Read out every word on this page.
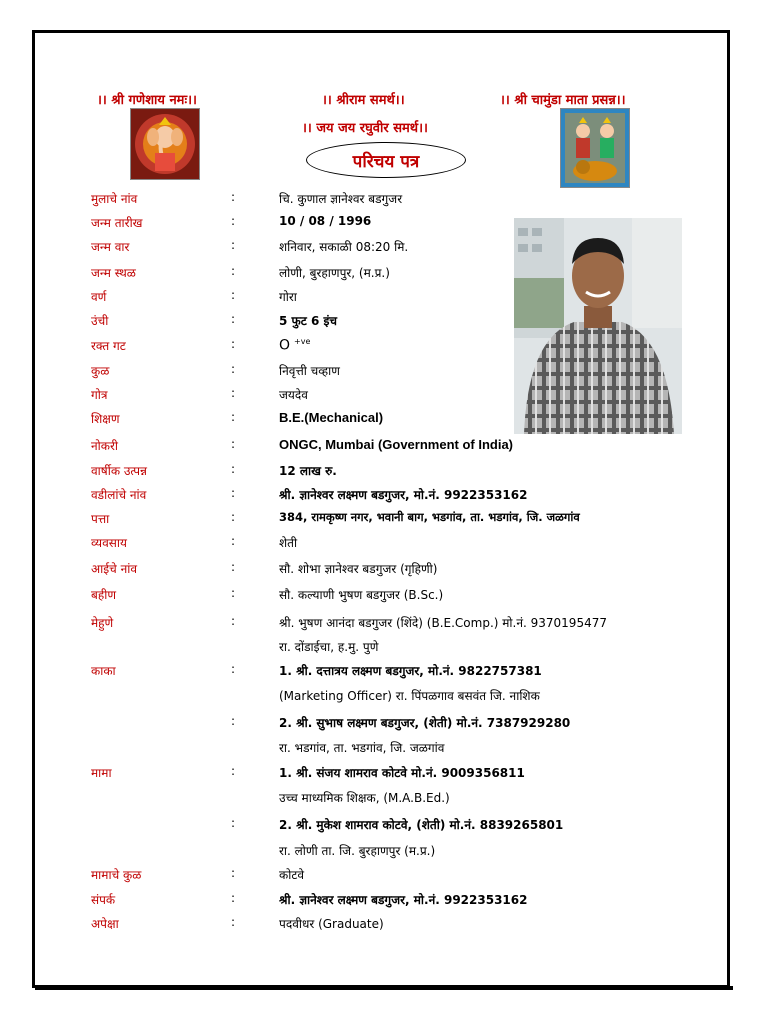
।। श्री गणेशाय नमः।।	।। श्रीराम समर्थ।।	।। श्री चामुंडा माता प्रसन्न।।
।। जय जय रघुवीर समर्थ।।
परिचय पत्र
मुलाचे नांव	:	चि. कुणाल ज्ञानेश्वर बडगुजर
जन्म तारीख	:	10 / 08 / 1996
जन्म वार	:	शनिवार, सकाळी 08:20 मि.
जन्म स्थळ	:	लोणी, बुरहाणपुर, (म.प्र.)
वर्ण	:	गोरा
उंची	:	5 फुट 6 इंच
रक्त गट	:	O $^{+ve}$
कुळ	:	निवृत्ती चव्हाण
गोत्र	:	जयदेव
शिक्षण	:	B.E.(Mechanical)
नोकरी	:	ONGC, Mumbai (Government of India)
वार्षीक उत्पन्न	:	12 लाख रु.
वडीलांचे नांव	:	श्री. ज्ञानेश्वर लक्ष्मण बडगुजर, मो.नं. 9922353162
पत्ता	:	384, रामकृष्ण नगर, भवानी बाग, भडगांव, ता. भडगांव, जि. जळगांव
व्यवसाय	:	शेती
आईचे नांव	:	सौ. शोभा ज्ञानेश्वर बडगुजर (गृहिणी)
बहीण	:	सौ. कल्याणी भुषण बडगुजर (B.Sc.)
मेहुणे	:	श्री. भुषण आनंदा बडगुजर (शिंदे) (B.E.Comp.) मो.नं. 9370195477
रा. दोंडाईचा, ह.मु. पुणे
काका	:	1. श्री. दत्तात्रय लक्ष्मण बडगुजर, मो.नं. 9822757381
(Marketing Officer) रा. पिंपळगाव बसवंत जि. नाशिक
:	2. श्री. सुभाष लक्ष्मण बडगुजर, (शेती) मो.नं. 7387929280
रा. भडगांव, ता. भडगांव, जि. जळगांव
मामा	:	1. श्री. संजय शामराव कोटवे मो.नं. 9009356811
उच्च माध्यमिक शिक्षक, (M.A.B.Ed.)
:	2. श्री. मुकेश शामराव कोटवे, (शेती) मो.नं. 8839265801
रा. लोणी ता. जि. बुरहाणपुर (म.प्र.)
मामाचे कुळ	:	कोटवे
संपर्क	:	श्री. ज्ञानेश्वर लक्ष्मण बडगुजर, मो.नं. 9922353162
अपेक्षा	:	पदवीधर (Graduate)
